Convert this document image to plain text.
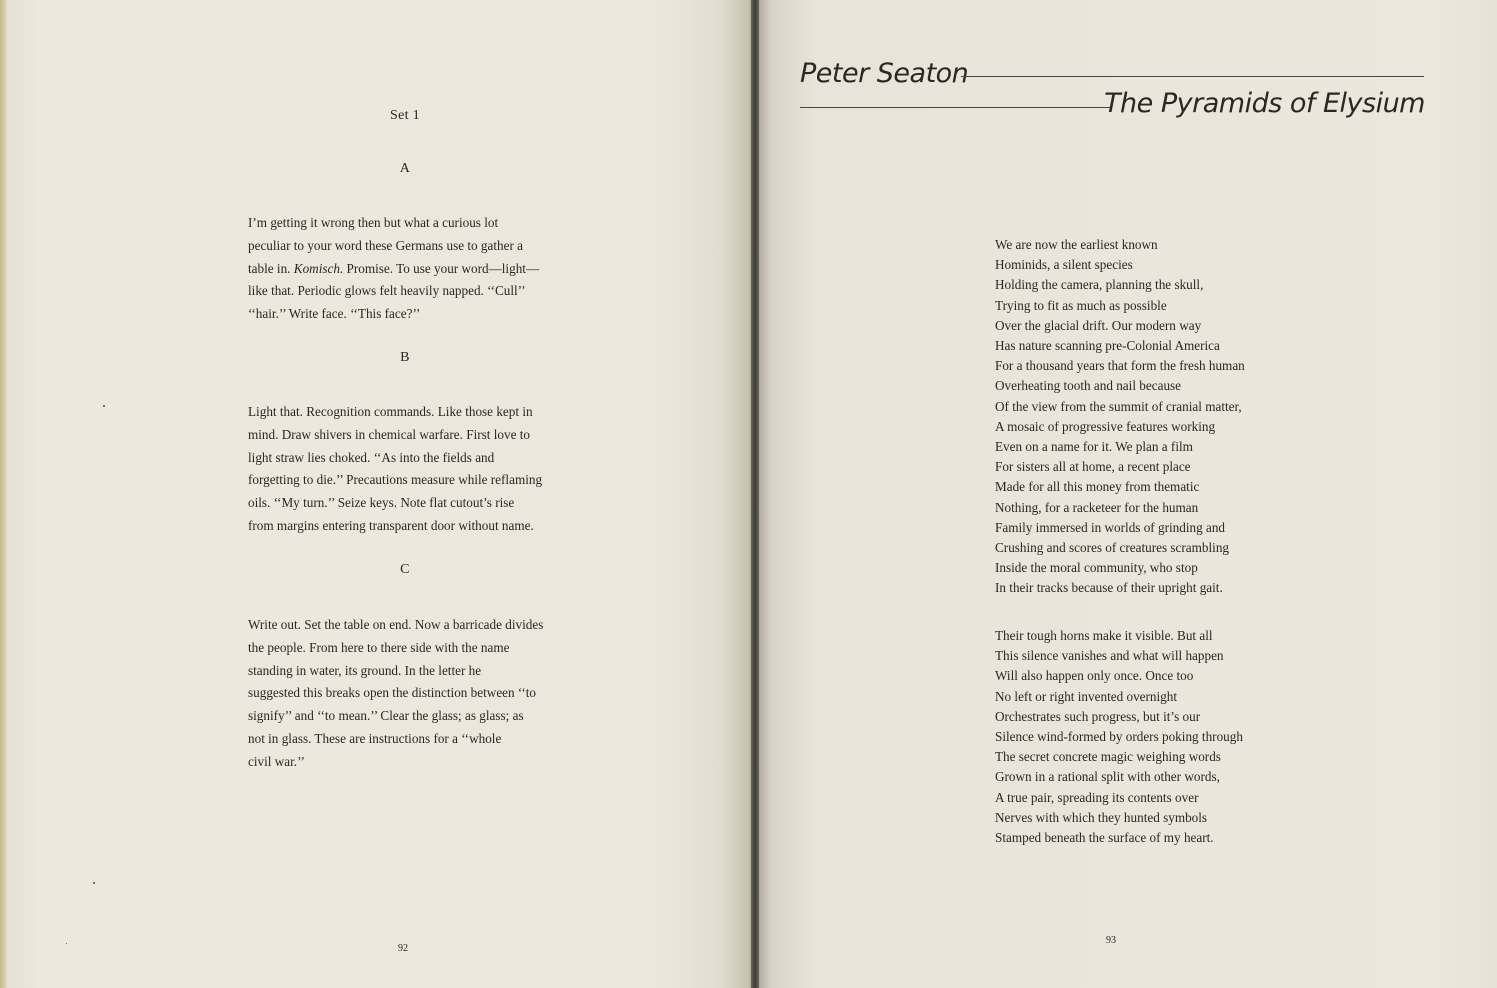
Set 1
A

I’m getting it wrong then but what a curious lot
peculiar to your word these Germans use to gather a
table in. Komisch. Promise. To use your word—light—
like that. Periodic glows felt heavily napped. ‘‘Cull’’
‘‘hair.’’ Write face. ‘‘This face?’’

B

Light that. Recognition commands. Like those kept in
mind. Draw shivers in chemical warfare. First love to
light straw lies choked. ‘‘As into the fields and
forgetting to die.’’ Precautions measure while reflaming
oils. ‘‘My turn.’’ Seize keys. Note flat cutout’s rise
from margins entering transparent door without name.

C

Write out. Set the table on end. Now a barricade divides
the people. From here to there side with the name
standing in water, its ground. In the letter he
suggested this breaks open the distinction between ‘‘to
signify’’ and ‘‘to mean.’’ Clear the glass; as glass; as
not in glass. These are instructions for a ‘‘whole
civil war.’’

92
Peter Seaton
The Pyramids of Elysium
We are now the earliest known
Hominids, a silent species
Holding the camera, planning the skull,
Trying to fit as much as possible
Over the glacial drift. Our modern way
Has nature scanning pre-Colonial America
For a thousand years that form the fresh human
Overheating tooth and nail because
Of the view from the summit of cranial matter,
A mosaic of progressive features working
Even on a name for it. We plan a film
For sisters all at home, a recent place
Made for all this money from thematic
Nothing, for a racketeer for the human
Family immersed in worlds of grinding and
Crushing and scores of creatures scrambling
Inside the moral community, who stop
In their tracks because of their upright gait.
Their tough horns make it visible. But all
This silence vanishes and what will happen
Will also happen only once. Once too
No left or right invented overnight
Orchestrates such progress, but it’s our
Silence wind-formed by orders poking through
The secret concrete magic weighing words
Grown in a rational split with other words,
A true pair, spreading its contents over
Nerves with which they hunted symbols
Stamped beneath the surface of my heart.
93
